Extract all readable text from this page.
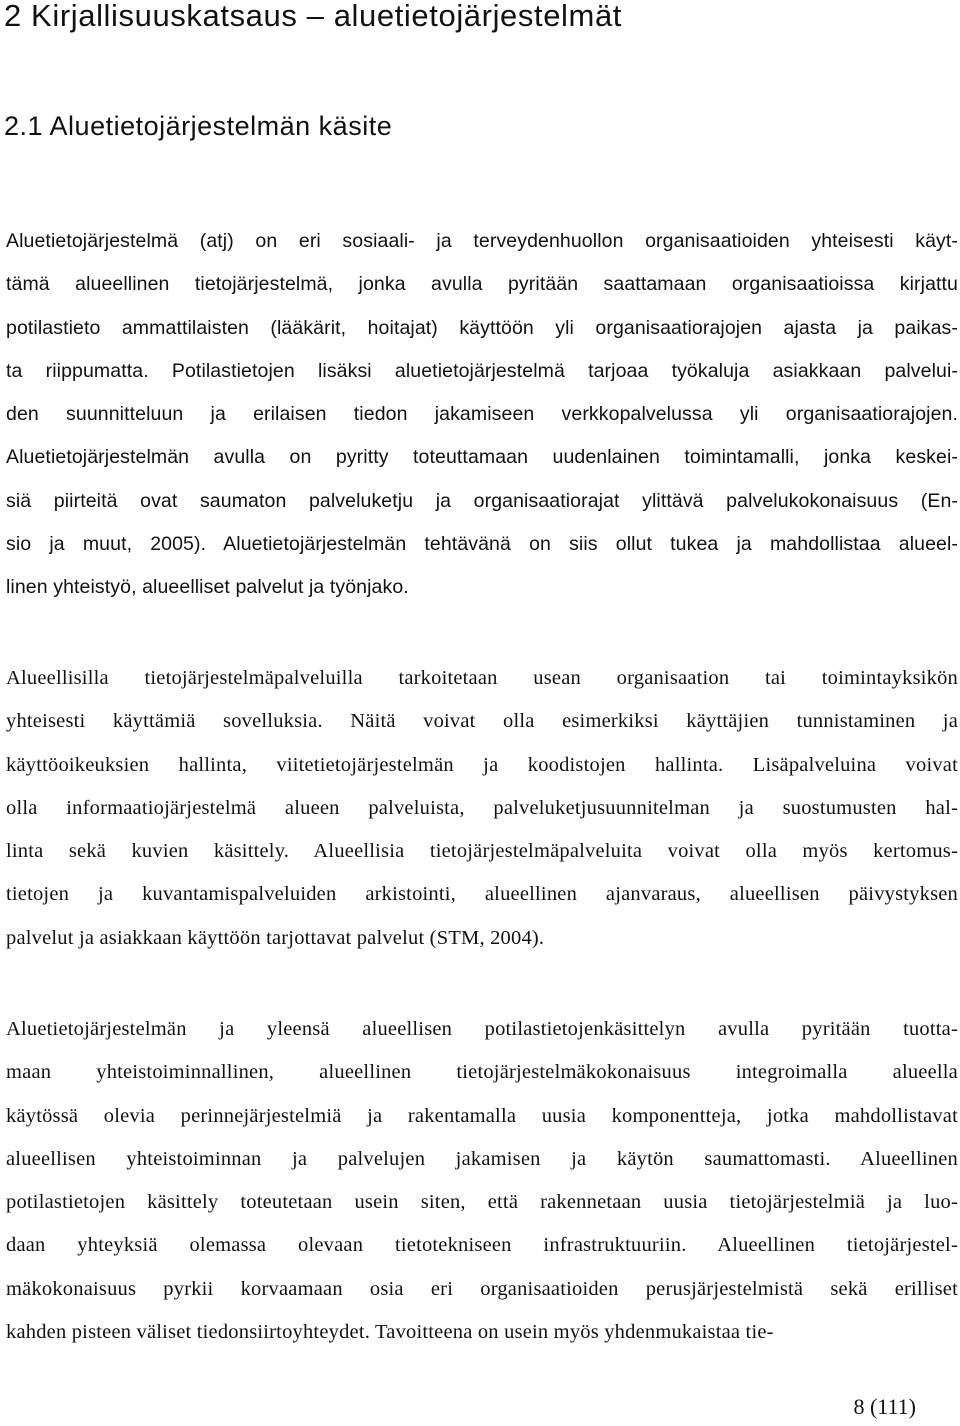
2 Kirjallisuuskatsaus – aluetietojärjestelmät
2.1 Aluetietojärjestelmän käsite
Aluetietojärjestelmä (atj) on eri sosiaali- ja terveydenhuollon organisaatioiden yhteisesti käyt-
tämä alueellinen tietojärjestelmä, jonka avulla pyritään saattamaan organisaatioissa kirjattu
potilastieto ammattilaisten (lääkärit, hoitajat) käyttöön yli organisaatiorajojen ajasta ja paikas-
ta riippumatta. Potilastietojen lisäksi aluetietojärjestelmä tarjoaa työkaluja asiakkaan palvelui-
den suunnitteluun ja erilaisen tiedon jakamiseen verkkopalvelussa yli organisaatiorajojen.
Aluetietojärjestelmän avulla on pyritty toteuttamaan uudenlainen toimintamalli, jonka keskei-
siä piirteitä ovat saumaton palveluketju ja organisaatiorajat ylittävä palvelukokonaisuus (En-
sio ja muut, 2005). Aluetietojärjestelmän tehtävänä on siis ollut tukea ja mahdollistaa alueel-
linen yhteistyö, alueelliset palvelut ja työnjako.
Alueellisilla tietojärjestelmäpalveluilla tarkoitetaan usean organisaation tai toimintayksikön
yhteisesti käyttämiä sovelluksia. Näitä voivat olla esimerkiksi käyttäjien tunnistaminen ja
käyttöoikeuksien hallinta, viitetietojärjestelmän ja koodistojen hallinta. Lisäpalveluina voivat
olla informaatiojärjestelmä alueen palveluista, palveluketjusuunnitelman ja suostumusten hal-
linta sekä kuvien käsittely. Alueellisia tietojärjestelmäpalveluita voivat olla myös kertomus-
tietojen ja kuvantamispalveluiden arkistointi, alueellinen ajanvaraus, alueellisen päivystyksen
palvelut ja asiakkaan käyttöön tarjottavat palvelut (STM, 2004).
Aluetietojärjestelmän ja yleensä alueellisen potilastietojenkäsittelyn avulla pyritään tuotta-
maan yhteistoiminnallinen, alueellinen tietojärjestelmäkokonaisuus integroimalla alueella
käytössä olevia perinnejärjestelmiä ja rakentamalla uusia komponentteja, jotka mahdollistavat
alueellisen yhteistoiminnan ja palvelujen jakamisen ja käytön saumattomasti. Alueellinen
potilastietojen käsittely toteutetaan usein siten, että rakennetaan uusia tietojärjestelmiä ja luo-
daan yhteyksiä olemassa olevaan tietotekniseen infrastruktuuriin. Alueellinen tietojärjestel-
mäkokonaisuus pyrkii korvaamaan osia eri organisaatioiden perusjärjestelmistä sekä erilliset
kahden pisteen väliset tiedonsiirtoyhteydet. Tavoitteena on usein myös yhdenmukaistaa tie-
8 (111)
